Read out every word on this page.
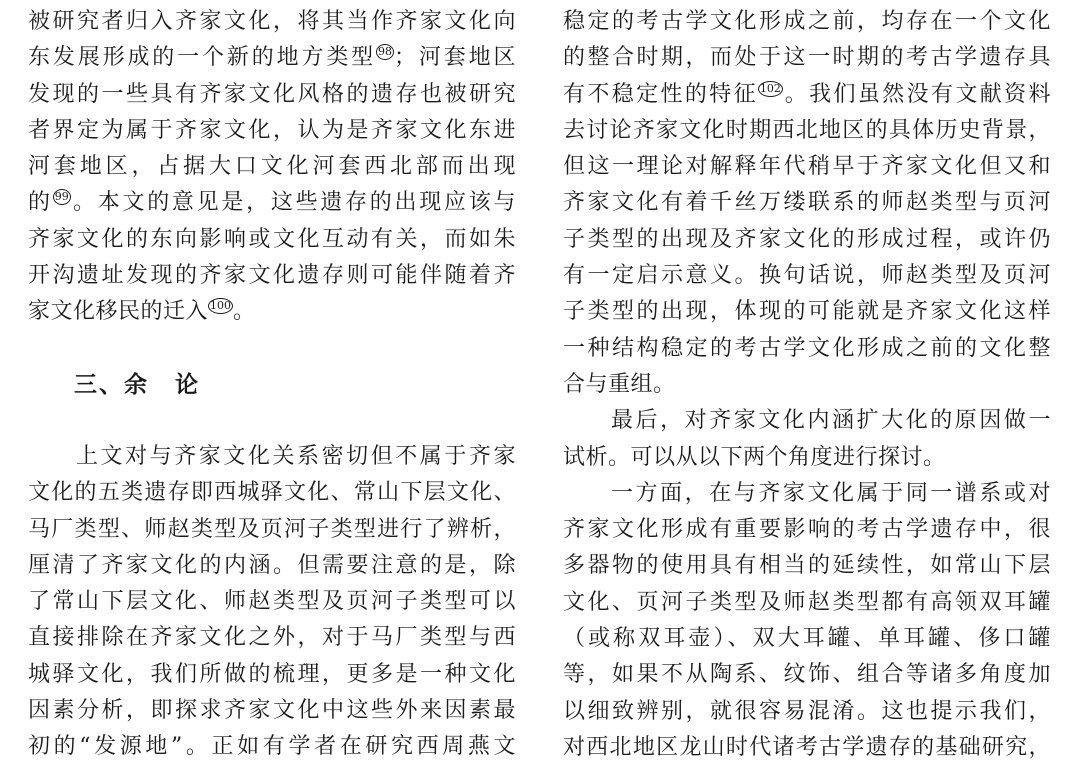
被研究者归入齐家文化，将其当作齐家文化向
东发展形成的一个新的地方类型 98；河套地区
发现的一些具有齐家文化风格的遗存也被研究
者界定为属于齐家文化，认为是齐家文化东进
河套地区，占据大口文化河套西北部而出现
的 99。本文的意见是，这些遗存的出现应该与
齐家文化的东向影响或文化互动有关，而如朱
开沟遗址发现的齐家文化遗存则可能伴随着齐
家文化移民的迁入 100。
三、余 论
上文对与齐家文化关系密切但不属于齐家
文化的五类遗存即西城驿文化、常山下层文化、
马厂类型、师赵类型及页河子类型进行了辨析，
厘清了齐家文化的内涵。但需要注意的是，除
了常山下层文化、师赵类型及页河子类型可以
直接排除在齐家文化之外，对于马厂类型与西
城驿文化，我们所做的梳理，更多是一种文化
因素分析，即探求齐家文化中这些外来因素最
初的“发源地”。正如有学者在研究西周燕文
稳定的考古学文化形成之前，均存在一个文化
的整合时期，而处于这一时期的考古学遗存具
有不稳定性的特征 102。我们虽然没有文献资料
去讨论齐家文化时期西北地区的具体历史背景，
但这一理论对解释年代稍早于齐家文化但又和
齐家文化有着千丝万缕联系的师赵类型与页河
子类型的出现及齐家文化的形成过程，或许仍
有一定启示意义。换句话说，师赵类型及页河
子类型的出现，体现的可能就是齐家文化这样
一种结构稳定的考古学文化形成之前的文化整
合与重组。
最后，对齐家文化内涵扩大化的原因做一
试析。可以从以下两个角度进行探讨。
一方面，在与齐家文化属于同一谱系或对
齐家文化形成有重要影响的考古学遗存中，很
多器物的使用具有相当的延续性，如常山下层
文化、页河子类型及师赵类型都有高领双耳罐
（或称双耳壶）、双大耳罐、单耳罐、侈口罐
等，如果不从陶系、纹饰、组合等诸多角度加
以细致辨别，就很容易混淆。这也提示我们，
对西北地区龙山时代诸考古学遗存的基础研究，
